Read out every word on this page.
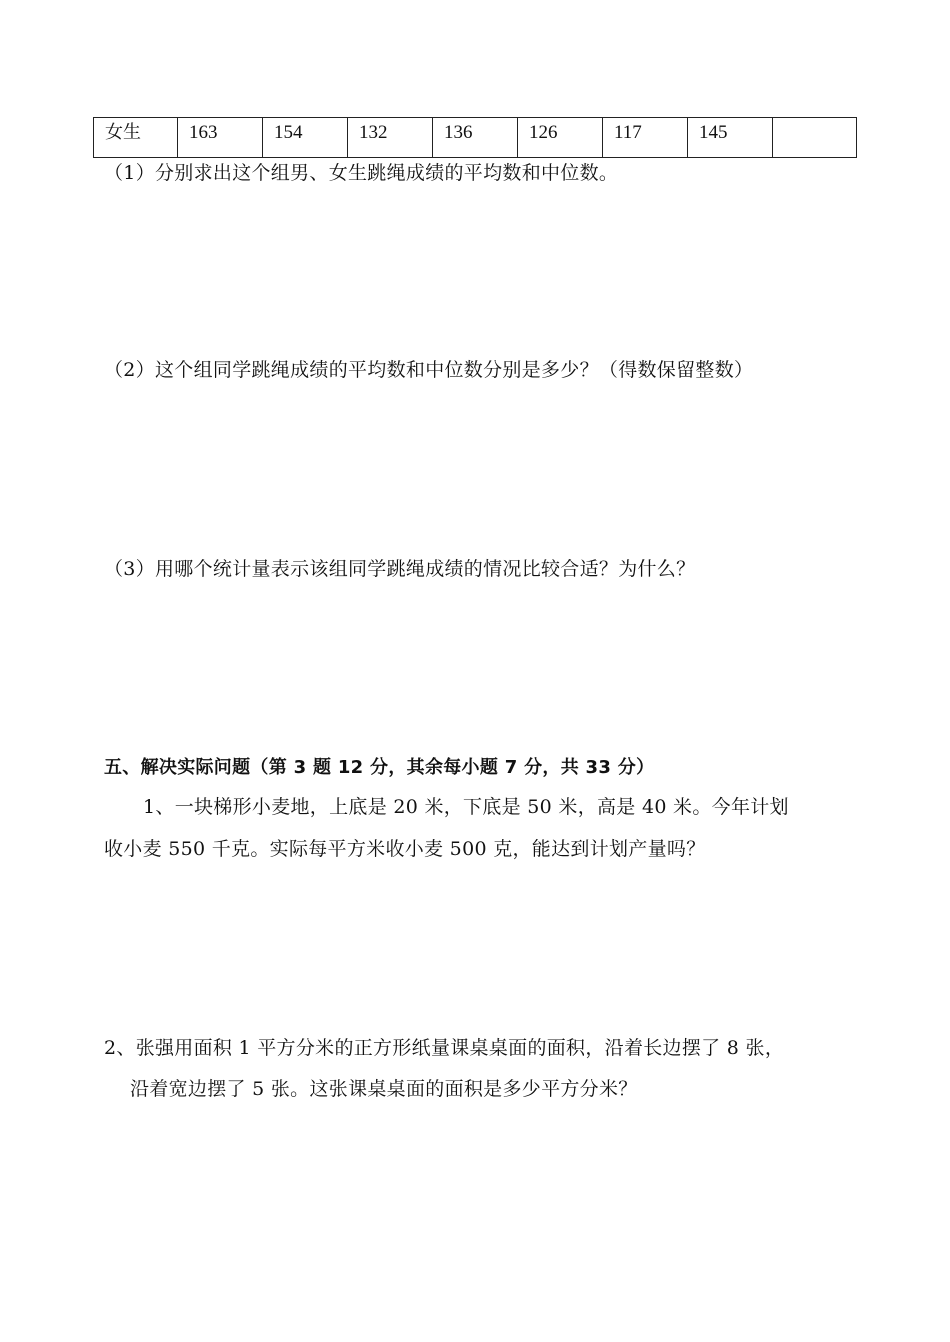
女生	163	154	132	136	126	117	145	
（1）分别求出这个组男、女生跳绳成绩的平均数和中位数。
（2）这个组同学跳绳成绩的平均数和中位数分别是多少？（得数保留整数）
（3）用哪个统计量表示该组同学跳绳成绩的情况比较合适？为什么？
五、解决实际问题（第 3 题 12 分，其余每小题 7 分，共 33 分）
1、一块梯形小麦地，上底是 20 米，下底是 50 米，高是 40 米。今年计划
收小麦 550 千克。实际每平方米收小麦 500 克，能达到计划产量吗？
2、张强用面积 1 平方分米的正方形纸量课桌桌面的面积，沿着长边摆了 8 张，
沿着宽边摆了 5 张。这张课桌桌面的面积是多少平方分米？
